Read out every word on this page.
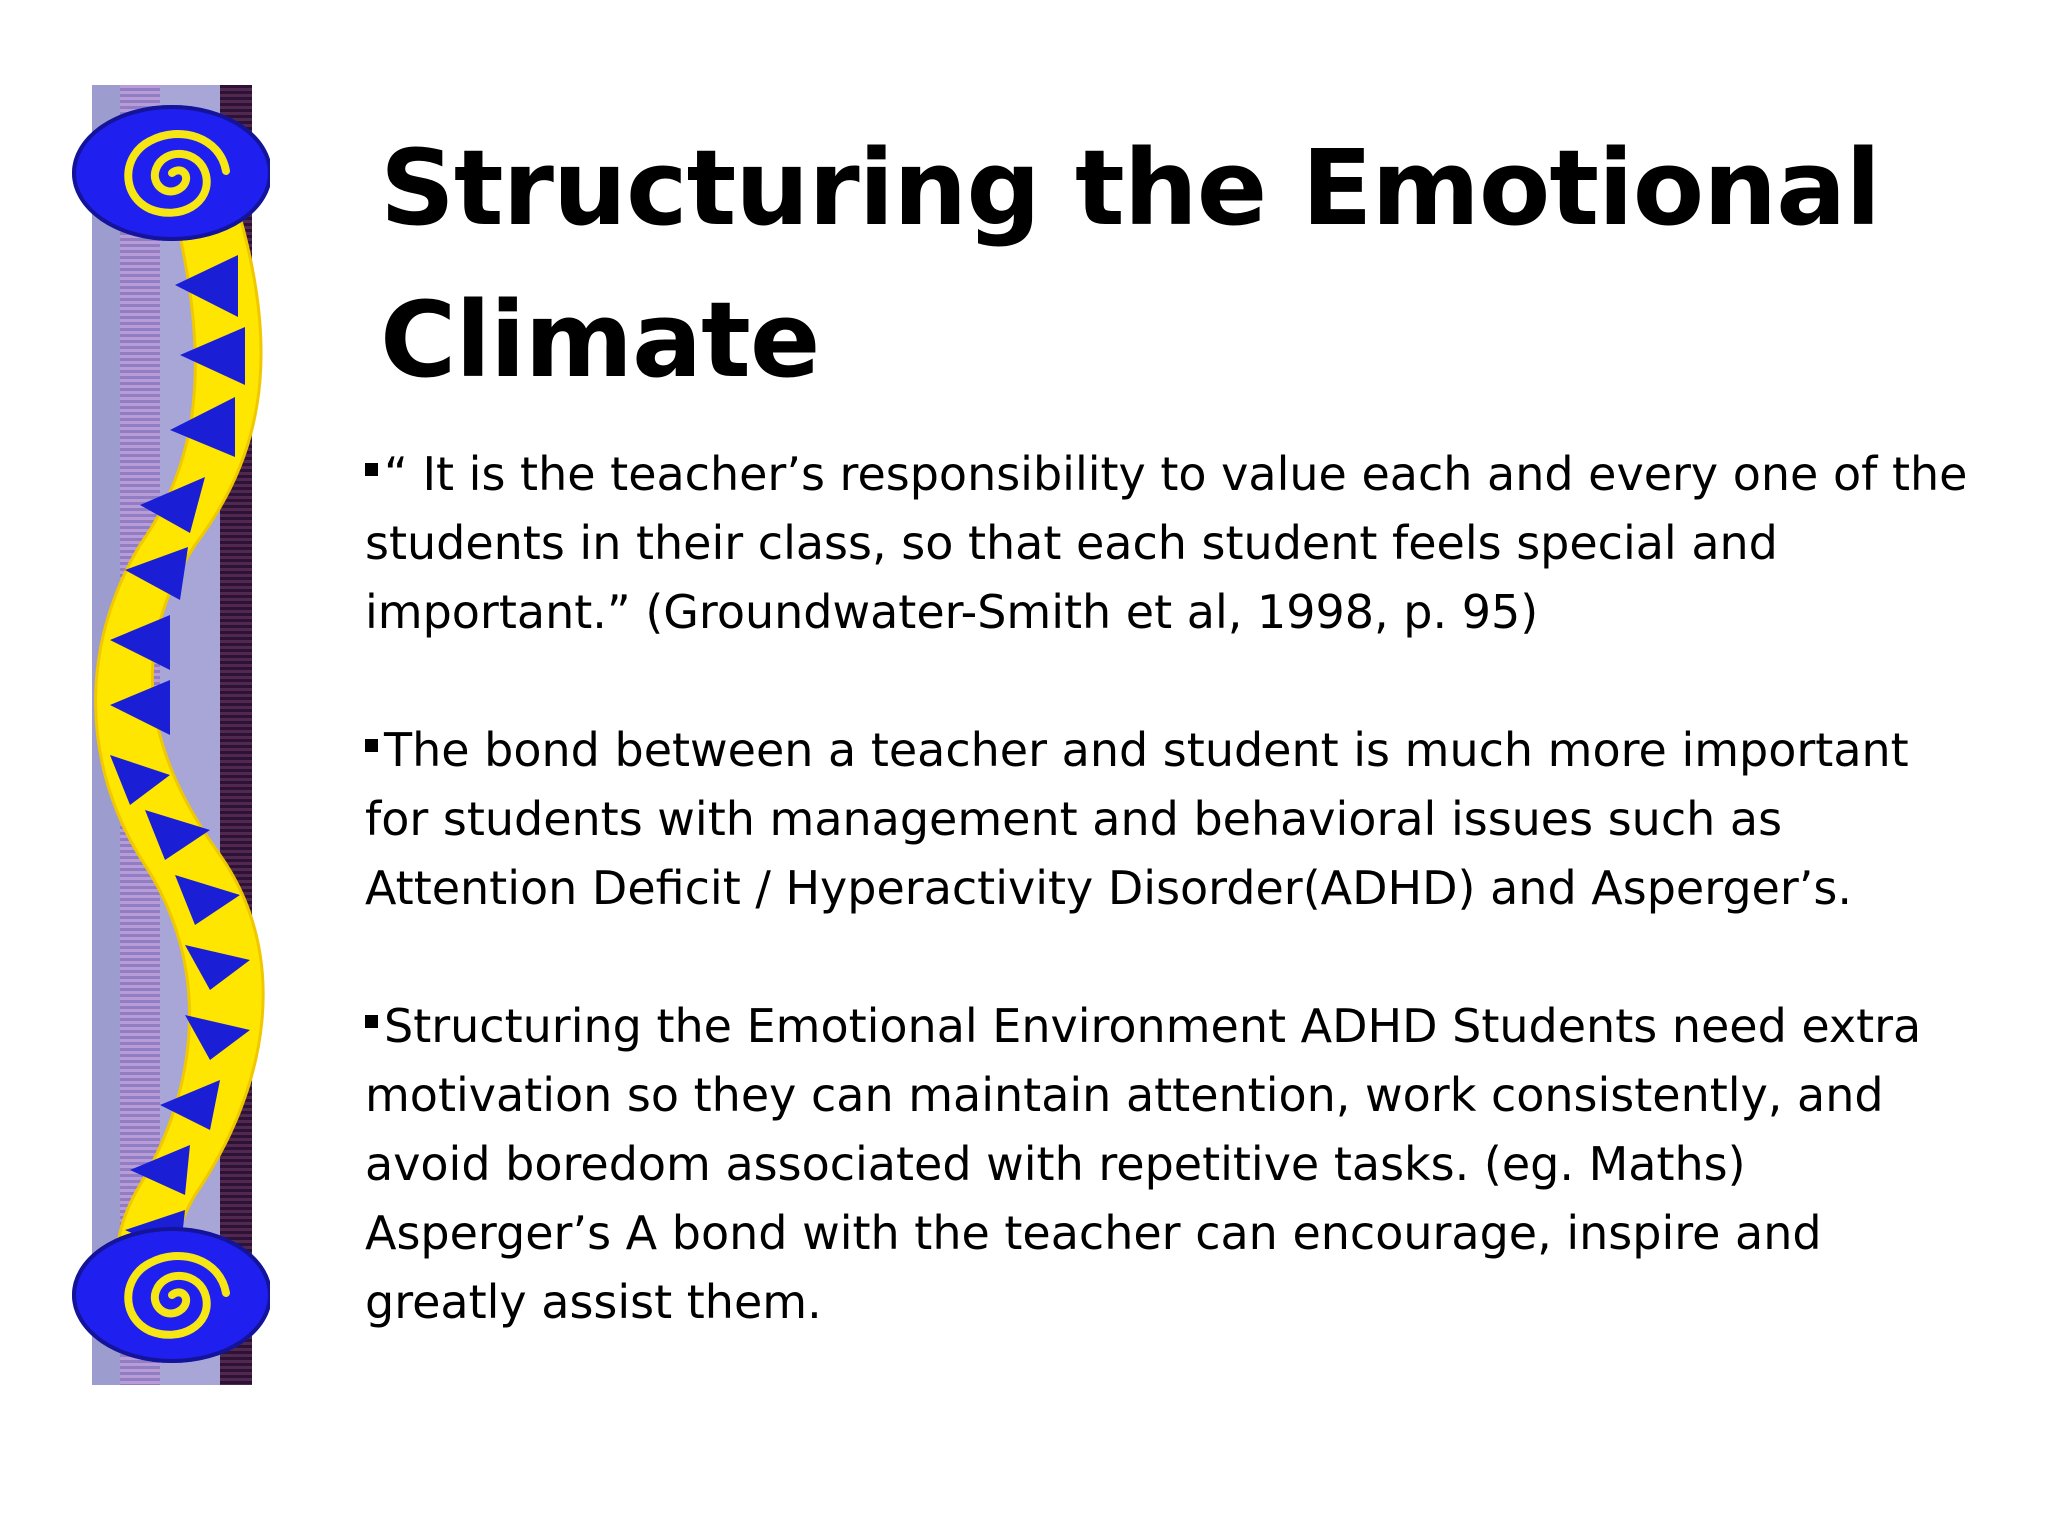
Structuring the Emotional Climate

“ It is the teacher’s responsibility to value each and every one of the students in their class, so that each student feels special and important.” (Groundwater-Smith et al, 1998, p. 95)

The bond between a teacher and student is much more important for students with management and behavioral issues such as Attention Deficit / Hyperactivity Disorder(ADHD) and Asperger’s.

Structuring the Emotional Environment ADHD Students need extra motivation so they can maintain attention, work consistently, and avoid boredom associated with repetitive tasks. (eg. Maths) Asperger’s A bond with the teacher can encourage, inspire and greatly assist them.
